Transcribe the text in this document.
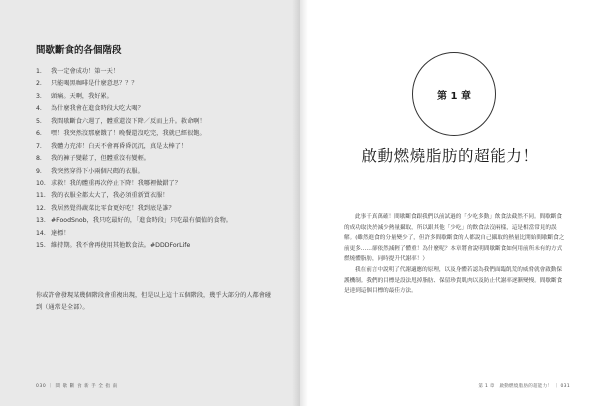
間歇斷食的各個階段
1. 我一定會成功！第一天！
2. 只能喝黑咖啡是什麼意思？？？
3. 頭痛。天啊，我好累。
4. 為什麼我會在進食時段大吃大喝？
5. 我間歇斷食六週了，體重還沒下降／反而上升。救命啊！
6. 嘿！我突然沒那麼餓了！晚餐還沒吃完，我就已經很飽。
7. 我體力充沛！白天不會再昏昏沉沉，真是太棒了！
8. 我的褲子變鬆了，但體重沒有變輕。
9. 我突然穿得下小兩個尺碼的衣服。
10. 求救！我的體重再次停止下降！我哪裡做錯了？
11. 我的衣服全都太大了，我必須重新買衣服！
12. 我居然覺得蔬菜比零食更好吃！我到底是誰？
13. #FoodSnob，我只吃最好的，「進食時段」只吃最有價值的食物。
14. 達標！
15. 維持期。我不會再使用其他飲食法。#DDDForLife

你或許會發現某幾個階段會重複出現，但是以上這十五個階段，幾乎大部分的人都會碰到（通常是全部）。

030 ｜ 間 歇 斷 食 新 手 全 指 南
第 1 章
啟動燃燒脂肪的超能力！

此事千真萬確！間歇斷食跟我們以前試過的「少吃多動」飲食法截然不同。間歇斷食的成功取決於減少熱量攝取，所以跟其他「少吃」的飲食法沒兩樣，這是相當常見的誤解。(雖然進食的分量變少了，但許多間歇斷食的人都說自己攝取的熱量比開始間歇斷食之前更多……卻依然減輕了體重！為什麼呢？本章將會說明間歇斷食如何用前所未有的方式燃燒體脂肪，同時提升代謝率！）

我在前言中說明了代謝適應的原理，以及身體若認為我們面臨飢荒的威脅就會啟動保護機制。我們的目標是設法甩掉脂肪、保留珍貴肌肉以及防止代謝率逐漸變慢。間歇斷食是達到這個目標的最佳方法。

第 1 章　啟動燃燒脂肪的超能力！ ｜ 031
